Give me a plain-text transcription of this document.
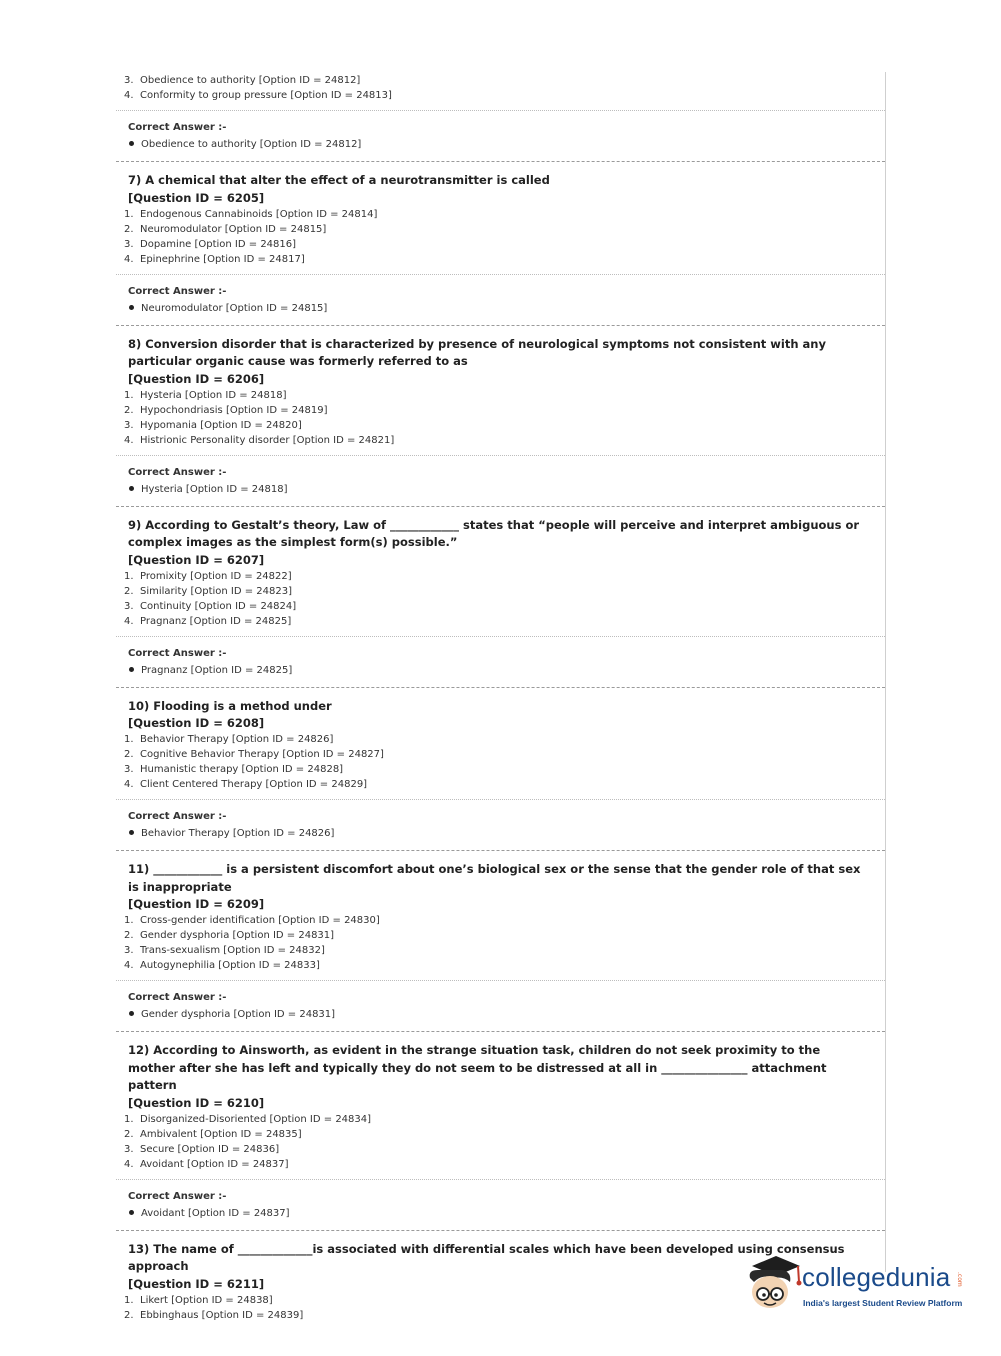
3. Obedience to authority [Option ID = 24812]
4. Conformity to group pressure [Option ID = 24813]
Correct Answer :-
Obedience to authority [Option ID = 24812]
7) A chemical that alter the effect of a neurotransmitter is called
[Question ID = 6205]
1. Endogenous Cannabinoids [Option ID = 24814]
2. Neuromodulator [Option ID = 24815]
3. Dopamine [Option ID = 24816]
4. Epinephrine [Option ID = 24817]
Correct Answer :-
Neuromodulator [Option ID = 24815]
8) Conversion disorder that is characterized by presence of neurological symptoms not consistent with any particular organic cause was formerly referred to as
[Question ID = 6206]
1. Hysteria [Option ID = 24818]
2. Hypochondriasis [Option ID = 24819]
3. Hypomania [Option ID = 24820]
4. Histrionic Personality disorder [Option ID = 24821]
Correct Answer :-
Hysteria [Option ID = 24818]
9) According to Gestalt’s theory, Law of ____________ states that “people will perceive and interpret ambiguous or complex images as the simplest form(s) possible.”
[Question ID = 6207]
1. Promixity [Option ID = 24822]
2. Similarity [Option ID = 24823]
3. Continuity [Option ID = 24824]
4. Pragnanz [Option ID = 24825]
Correct Answer :-
Pragnanz [Option ID = 24825]
10) Flooding is a method under
[Question ID = 6208]
1. Behavior Therapy [Option ID = 24826]
2. Cognitive Behavior Therapy [Option ID = 24827]
3. Humanistic therapy [Option ID = 24828]
4. Client Centered Therapy [Option ID = 24829]
Correct Answer :-
Behavior Therapy [Option ID = 24826]
11) ____________ is a persistent discomfort about one’s biological sex or the sense that the gender role of that sex is inappropriate
[Question ID = 6209]
1. Cross-gender identification [Option ID = 24830]
2. Gender dysphoria [Option ID = 24831]
3. Trans-sexualism [Option ID = 24832]
4. Autogynephilia [Option ID = 24833]
Correct Answer :-
Gender dysphoria [Option ID = 24831]
12) According to Ainsworth, as evident in the strange situation task, children do not seek proximity to the mother after she has left and typically they do not seem to be distressed at all in _______________ attachment pattern
[Question ID = 6210]
1. Disorganized-Disoriented [Option ID = 24834]
2. Ambivalent [Option ID = 24835]
3. Secure [Option ID = 24836]
4. Avoidant [Option ID = 24837]
Correct Answer :-
Avoidant [Option ID = 24837]
13) The name of _____________is associated with differential scales which have been developed using consensus approach
[Question ID = 6211]
1. Likert [Option ID = 24838]
2. Ebbinghaus [Option ID = 24839]
collegedunia .com
India's largest Student Review Platform
